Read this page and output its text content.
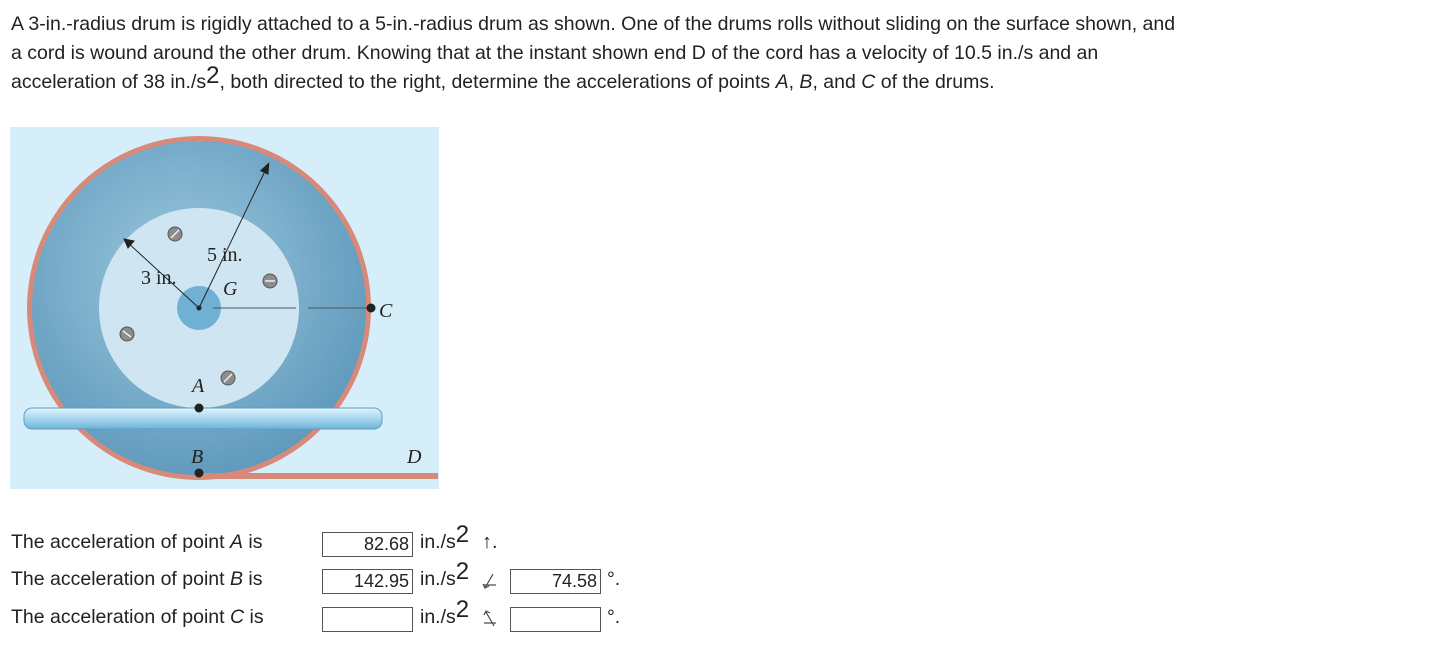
A 3-in.-radius drum is rigidly attached to a 5-in.-radius drum as shown. One of the drums rolls without sliding on the surface shown, and
a cord is wound around the other drum. Knowing that at the instant shown end D of the cord has a velocity of 10.5 in./s and an
acceleration of 38 $in./s^2$, both directed to the right, determine the accelerations of points A, B, and C of the drums.
5 in.
3 in. G
C
A
B	D
The acceleration of point A is	82.68 $in./s^2$ ↑.
The acceleration of point B is	142.95 $in./s^2$	74.58 °.
The acceleration of point C is	$in./s^2$	°.
